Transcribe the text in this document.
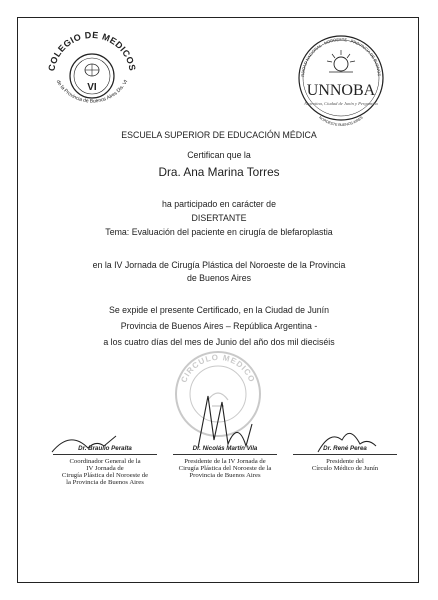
COLEGIO DE MEDICOS
de la Provincia de Buenos Aires Dis. VI
VI
RSIDAD NACIONAL · NOROESTE · PROVINCIA DE BUENOS
NOROESTE BUENOS AIRES
UNNOBA
Argentina, Ciudad de Junín y Pergamino
ESCUELA SUPERIOR DE EDUCACIÓN MÉDICA
Certifican que la
Dra. Ana Marina Torres
ha participado en carácter de
DISERTANTE
Tema: Evaluación del paciente en cirugía de blefaroplastia
en la IV Jornada de Cirugía Plástica del Noroeste de la Provincia
de Buenos Aires
Se expide el presente Certificado, en la Ciudad de Junín
Provincia de Buenos Aires – República Argentina -
a los cuatro días del mes de Junio del año dos mil dieciséis
CIRCULO MEDICO
Dr. Braulio Peralta
Coordinador General de la
IV Jornada de
Cirugía Plástica del Noroeste de
la Provincia de Buenos Aires
Dr. Nicolás Martín Vila
Presidente de la IV Jornada de
Cirugía Plástica del Noroeste de la
Provincia de Buenos Aires
Dr. René Perea
Presidente del
Círculo Médico de Junín
